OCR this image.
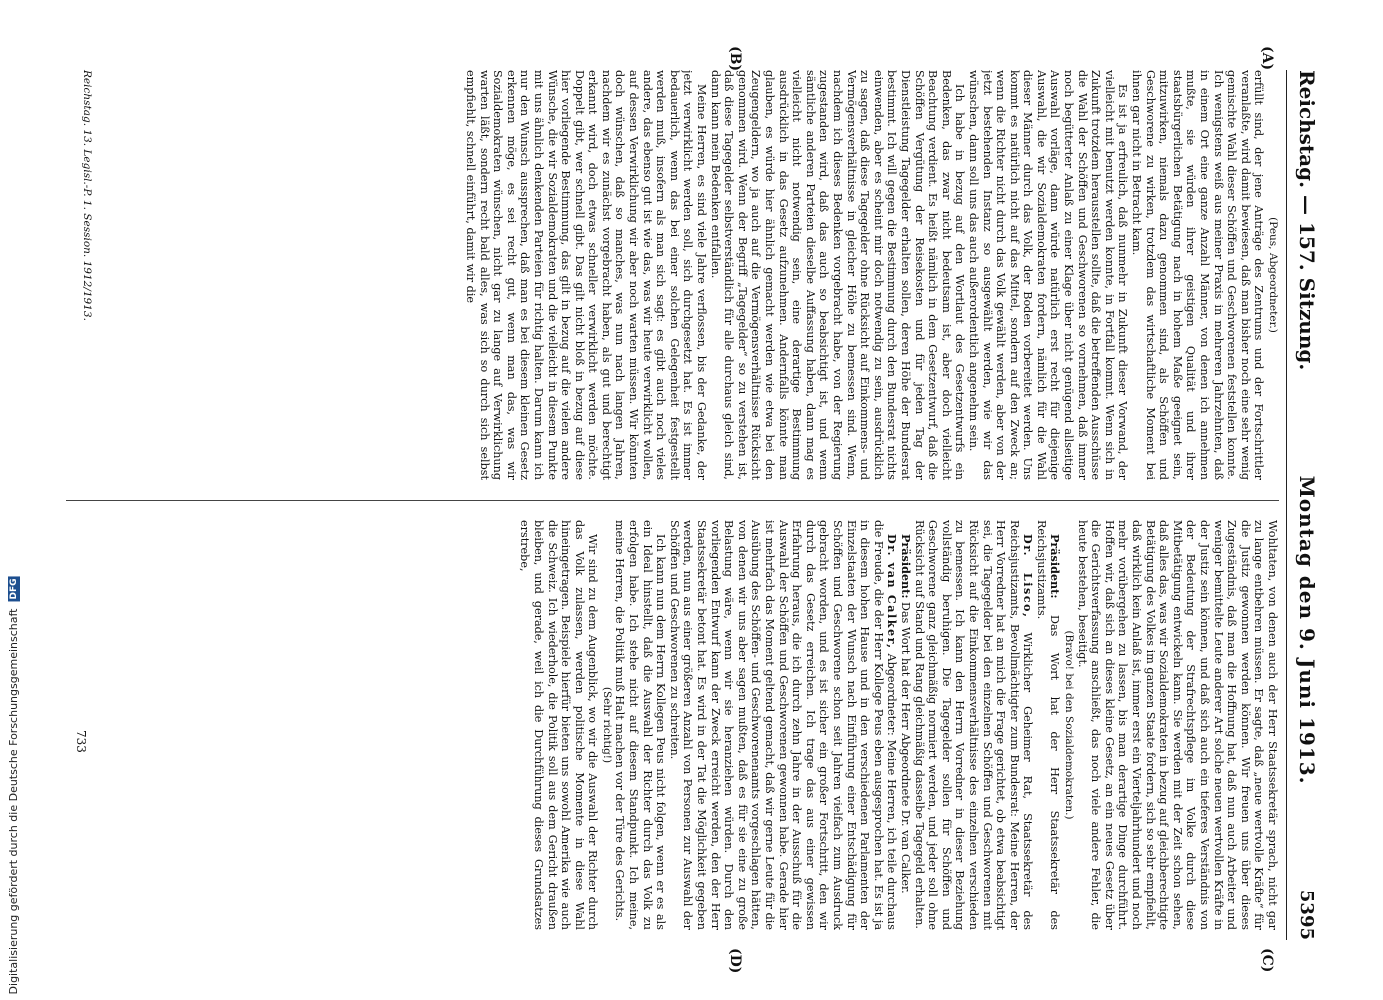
Reichstag. — 157. Sitzung.
Montag den 9. Juni 1913.
5395
(A)
(B)
(C)
(D)

(Peus, Abgeordneter.)

erfüllt sind, der jene Anträge des Zentrums und der Fortschrittler veranlaßte, wird damit bewiesen, daß man bisher noch eine sehr wenig gemischte Wahl dieser Schöffen und Geschworenen feststellen konnte. Ich wenigstens weiß aus meiner Praxis in mehreren Jahrzehnten, daß in einem Ort eine ganze Anzahl Männer, von denen ich annehmen mußte, sie würden ihrer geistigen Qualität und ihrer staatsbürgerlichen Betätigung nach in hohem Maße geeignet sein, mitzuwirken, niemals dazu genommen sind, als Schöffen und Geschworene zu wirken, trotzdem das wirtschaftliche Moment bei ihnen gar nicht in Betracht kam.

Es ist ja erfreulich, daß nunmehr in Zukunft dieser Vorwand, der vielleicht mit benutzt werden konnte, in Fortfall kommt. Wenn sich in Zukunft trotzdem herausstellen sollte, daß die betreffenden Ausschüsse die Wahl der Schöffen und Geschworenen so vornehmen, daß immer noch begütterter Anlaß zu einer Klage über nicht genügend allseitige Auswahl vorläge, dann würde natürlich erst recht für diejenige Auswahl, die wir Sozialdemokraten fordern, nämlich für die Wahl dieser Männer durch das Volk, der Boden vorbereitet werden. Uns kommt es natürlich nicht auf das Mittel, sondern auf den Zweck an; wenn die Richter nicht durch das Volk gewählt werden, aber von der jetzt bestehenden Instanz so ausgewählt werden, wie wir das wünschen, dann soll uns das auch außerordentlich angenehm sein.

Ich habe in bezug auf den Wortlaut des Gesetzentwurfs ein Bedenken, das zwar nicht bedeutsam ist, aber doch vielleicht Beachtung verdient. Es heißt nämlich in dem Gesetzentwurf, daß die Schöffen Vergütung der Reisekosten und für jeden Tag der Dienstleistung Tagegelder erhalten sollen, deren Höhe der Bundesrat bestimmt. Ich will gegen die Bestimmung durch den Bundesrat nichts einwenden, aber es scheint mir doch notwendig zu sein, ausdrücklich zu sagen, daß diese Tagegelder ohne Rücksicht auf Einkommens- und Vermögensverhältnisse in gleicher Höhe zu bemessen sind. Wenn, nachdem ich dieses Bedenken vorgebracht habe, von der Regierung zugestanden wird, daß das auch so beabsichtigt ist, und wenn sämtliche anderen Parteien dieselbe Auffassung haben, dann mag es vielleicht nicht notwendig sein, eine derartige Bestimmung ausdrücklich in das Gesetz aufzunehmen. Andernfalls könnte man glauben, es würde hier ähnlich gemacht werden wie etwa bei den Zeugengeldern, wo ja auch auf die Vermögensverhältnisse Rücksicht genommen wird. Wenn der Begriff „Tagegelder“ so zu verstehen ist, daß diese Tagegelder selbstverständlich für alle durchaus gleich sind, dann kann mein Bedenken entfallen.

Meine Herren, es sind viele Jahre verflossen, bis der Gedanke, der jetzt verwirklicht werden soll, sich durchgesetzt hat. Es ist immer bedauerlich, wenn das bei einer solchen Gelegenheit festgestellt werden muß, insofern als man sich sagt: es gibt auch noch vieles andere, das ebenso gut ist wie das, was wir heute verwirklicht wollen, auf dessen Verwirklichung wir aber noch warten müssen. Wir könnten doch wünschen, daß so manches, was nun nach langen Jahren, nachdem wir es zunächst vorgebracht haben, als gut und berechtigt erkannt wird, doch etwas schneller verwirklicht werden möchte. Doppelt gibt, wer schnell gibt. Das gilt nicht bloß in bezug auf diese hier vorliegende Bestimmung, das gilt in bezug auf die vielen andere Wünsche, die wir Sozialdemokraten und die vielleicht in diesem Punkte mit uns ähnlich denkenden Parteien für richtig halten. Darum kann ich nur den Wunsch aussprechen, daß man es bei diesem kleinen Gesetz erkennen möge, es sei recht gut, wenn man das, was wir Sozialdemokraten wünschen, nicht gar zu lange auf Verwirklichung warten läßt, sondern recht bald alles, was sich so durch sich selbst empfiehlt, schnell einführt, damit wir die

Wohltaten, von denen auch der Herr Staatssekretär sprach, nicht gar zu lange entbehren müssen. Er sagte, daß „neue wertvolle Kräfte“ für die Justiz gewonnen werden können. Wir freuen uns über dieses Zugeständnis, daß man die Hoffnung hat, daß nun auch Arbeiter und weniger bemittelte Leute anderer Art solche neuen wertvollen Kräfte in der Justiz sein können, und daß sich auch ein tieferes Verständnis von der Bedeutung der Strafrechtspflege im Volke durch diese Mitbetätigung entwickeln kann. Sie werden mit der Zeit schon sehen, daß alles das, was wir Sozialdemokraten in bezug auf gleichberechtigte Betätigung des Volkes im ganzen Staate fordern, sich so sehr empfiehlt, daß wirklich kein Anlaß ist, immer erst ein Vierteljahrhundert und noch mehr vorübergehen zu lassen, bis man derartige Dinge durchführt. Hoffen wir, daß sich an dieses kleine Gesetz, an ein neues Gesetz über die Gerichtsverfassung anschließt, das noch viele andere Fehler, die heute bestehen, beseitigt.

(Bravo! bei den Sozialdemokraten.)

Präsident: Das Wort hat der Herr Staatssekretär des Reichsjustizamts.

Dr. Lisco, Wirklicher Geheimer Rat, Staatssekretär des Reichsjustizamts, Bevollmächtigter zum Bundesrat: Meine Herren, der Herr Vorredner hat an mich die Frage gerichtet, ob etwa beabsichtigt sei, die Tagegelder bei den einzelnen Schöffen und Geschworenen mit Rücksicht auf die Einkommensverhältnisse des einzelnen verschieden zu bemessen. Ich kann den Herrn Vorredner in dieser Beziehung vollständig beruhigen. Die Tagegelder sollen für Schöffen und Geschworene ganz gleichmäßig normiert werden, und jeder soll ohne Rücksicht auf Stand und Rang gleichmäßig dasselbe Tagegeld erhalten.

Präsident: Das Wort hat der Herr Abgeordnete Dr. van Calker.

Dr. van Calker, Abgeordneter: Meine Herren, ich teile durchaus die Freude, die der Herr Kollege Peus eben ausgesprochen hat. Es ist ja in diesem hohen Hause und in den verschiedenen Parlamenten der Einzelstaaten der Wunsch nach Einführung einer Entschädigung für Schöffen und Geschworene schon seit Jahren vielfach zum Ausdruck gebracht worden, und es ist sicher ein großer Fortschritt, den wir durch das Gesetz erreichen. Ich trage das aus einer gewissen Erfahrung heraus, die ich durch zehn Jahre in der Ausschuß für die Auswahl der Schöffen und Geschworenen gewonnen habe. Gerade hier ist mehrfach das Moment geltend gemacht, daß wir gerne Leute für die Ausübung des Schöffen- und Geschworenenamts vorgeschlagen hätten, von denen wir uns aber sagen mußten, daß es für sie eine zu große Belastung wäre, wenn wir sie heranziehen würden. Durch den vorliegenden Entwurf kann der Zweck erreicht werden, den der Herr Staatssekretär betont hat. Es wird in der Tat die Möglichkeit gegeben werden, nun aus einer größeren Anzahl von Personen zur Auswahl der Schöffen und Geschworenen zu schreiten.

Ich kann nun dem Herrn Kollegen Peus nicht folgen, wenn er es als ein Ideal hinstellt, daß die Auswahl der Richter durch das Volk zu erfolgen habe. Ich stehe nicht auf diesem Standpunkt. Ich meine, meine Herren, die Politik muß Halt machen vor der Türe des Gerichts.

(Sehr richtig!)

Wir sind zu dem Augenblick, wo wir die Auswahl der Richter durch das Volk zulassen, werden politische Momente in diese Wahl hineingetragen. Beispiele hierfür bieten uns sowohl Amerika wie auch die Schweiz. Ich wiederhole, die Politik soll aus dem Gericht draußen bleiben, und gerade, weil ich die Durchführung dieses Grundsatzes erstrebe,

Reichstag. 13. Legisl.-P. 1. Session. 1912/1913.
733
Digitalisierung gefördert durch die Deutsche Forschungsgemeinschaft DFG
